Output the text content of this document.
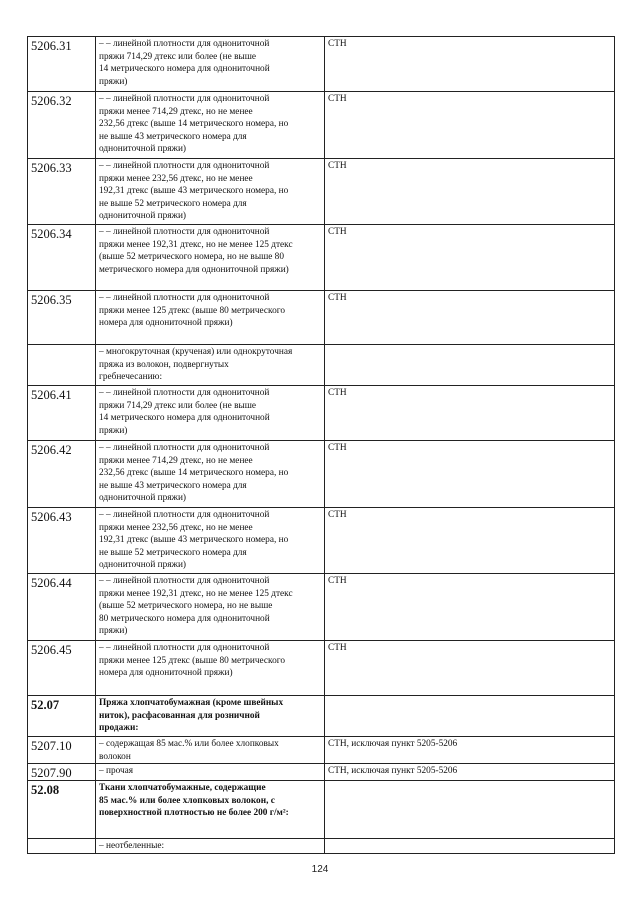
5206.31	– – линейной плотности для однониточной
пряжи 714,29 дтекс или более (не выше
14 метрического номера для однониточной
пряжи)	СТН
5206.32	– – линейной плотности для однониточной
пряжи менее 714,29 дтекс, но не менее
232,56 дтекс (выше 14 метрического номера, но
не выше 43 метрического номера для
однониточной пряжи)	СТН
5206.33	– – линейной плотности для однониточной
пряжи менее 232,56 дтекс, но не менее
192,31 дтекс (выше 43 метрического номера, но
не выше 52 метрического номера для
однониточной пряжи)	СТН
5206.34	– – линейной плотности для однониточной
пряжи менее 192,31 дтекс, но не менее 125 дтекс
(выше 52 метрического номера, но не выше 80
метрического номера для однониточной пряжи)	СТН
5206.35	– – линейной плотности для однониточной
пряжи менее 125 дтекс (выше 80 метрического
номера для однониточной пряжи)	СТН

	– многокруточная (крученая) или однокруточная
пряжа из волокон, подвергнутых
гребнечесанию:	

5206.41	– – линейной плотности для однониточной
пряжи 714,29 дтекс или более (не выше
14 метрического номера для однониточной
пряжи)	СТН
5206.42	– – линейной плотности для однониточной
пряжи менее 714,29 дтекс, но не менее
232,56 дтекс (выше 14 метрического номера, но
не выше 43 метрического номера для
однониточной пряжи)	СТН
5206.43	– – линейной плотности для однониточной
пряжи менее 232,56 дтекс, но не менее
192,31 дтекс (выше 43 метрического номера, но
не выше 52 метрического номера для
однониточной пряжи)	СТН
5206.44	– – линейной плотности для однониточной
пряжи менее 192,31 дтекс, но не менее 125 дтекс
(выше 52 метрического номера, но не выше
80 метрического номера для однониточной
пряжи)	СТН
5206.45	– – линейной плотности для однониточной
пряжи менее 125 дтекс (выше 80 метрического
номера для однониточной пряжи)	СТН
52.07	Пряжа хлопчатобумажная (кроме швейных
ниток), расфасованная для розничной
продажи:	

5207.10	– содержащая 85 мас.% или более хлопковых
волокон	СТН, исключая пункт 5205-5206
5207.90	– прочая	СТН, исключая пункт 5205-5206
52.08	Ткани хлопчатобумажные, содержащие
85 мас.% или более хлопковых волокон, с
поверхностной плотностью не более 200 г/м²:	

	– неотбеленные:	

124
